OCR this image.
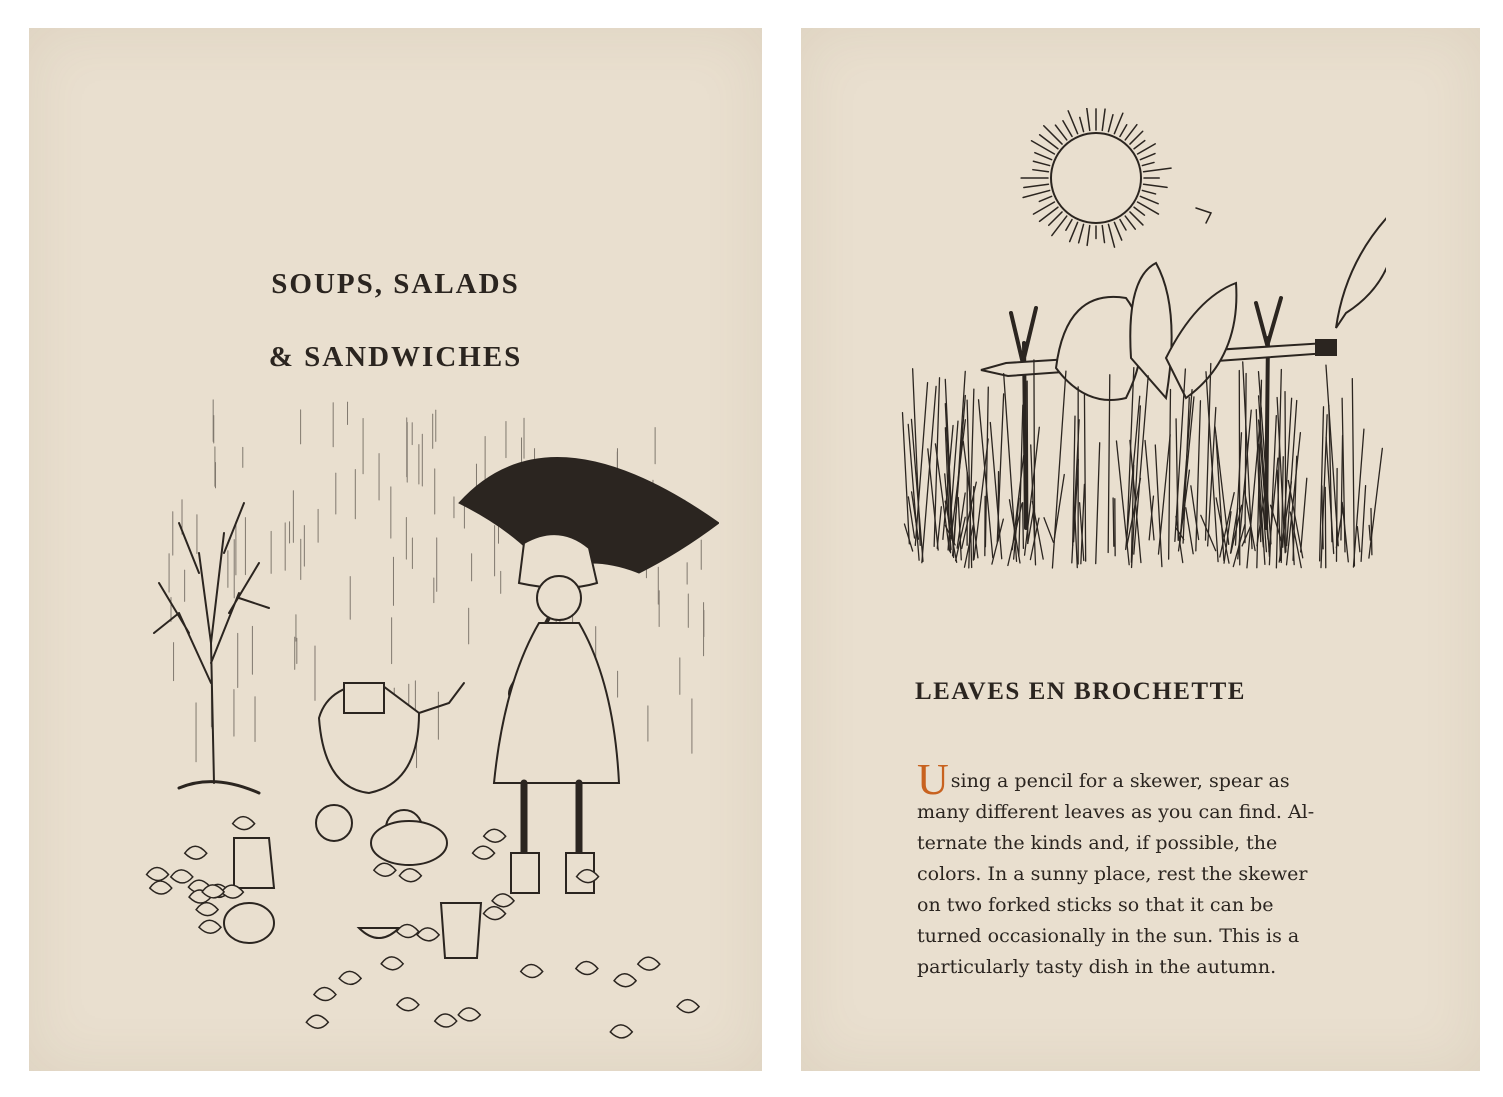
SOUPS, SALADS
& SANDWICHES
LEAVES EN BROCHETTE
U sing a pencil for a skewer, spear as
many different leaves as you can find. Al-
ternate the kinds and, if possible, the
colors. In a sunny place, rest the skewer
on two forked sticks so that it can be
turned occasionally in the sun. This is a
particularly tasty dish in the autumn.
